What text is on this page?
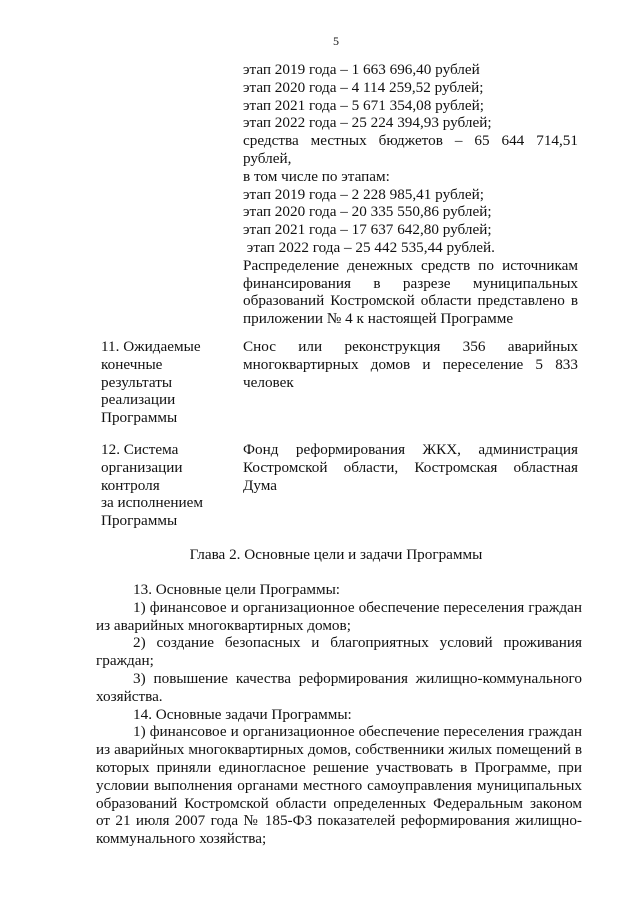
5
этап 2019 года – 1 663 696,40 рублей
этап 2020 года – 4 114 259,52 рублей;
этап 2021 года – 5 671 354,08 рублей;
этап 2022 года – 25 224 394,93 рублей;
средства местных бюджетов – 65 644 714,51
рублей,
в том числе по этапам:
этап 2019 года – 2 228 985,41 рублей;
этап 2020 года – 20 335 550,86 рублей;
этап 2021 года – 17 637 642,80 рублей;
этап 2022 года – 25 442 535,44 рублей.
Распределение денежных средств по источникам
финансирования в разрезе муниципальных
образований Костромской области представлено в
приложении № 4 к настоящей Программе
11. Ожидаемые
конечные
результаты
реализации
Программы
Снос или реконструкция 356 аварийных
многоквартирных домов и переселение 5 833
человек
12. Система
организации
контроля
за исполнением
Программы
Фонд реформирования ЖКХ, администрация
Костромской области, Костромская областная
Дума
Глава 2. Основные цели и задачи Программы

13. Основные цели Программы:

1) финансовое и организационное обеспечение переселения граждан из аварийных многоквартирных домов;

2) создание безопасных и благоприятных условий проживания граждан;

3) повышение качества реформирования жилищно-коммунального хозяйства.

14. Основные задачи Программы:

1) финансовое и организационное обеспечение переселения граждан из аварийных многоквартирных домов, собственники жилых помещений в которых приняли единогласное решение участвовать в Программе, при условии выполнения органами местного самоуправления муниципальных образований Костромской области определенных Федеральным законом от 21 июля 2007 года № 185-ФЗ показателей реформирования жилищно-коммунального хозяйства;
